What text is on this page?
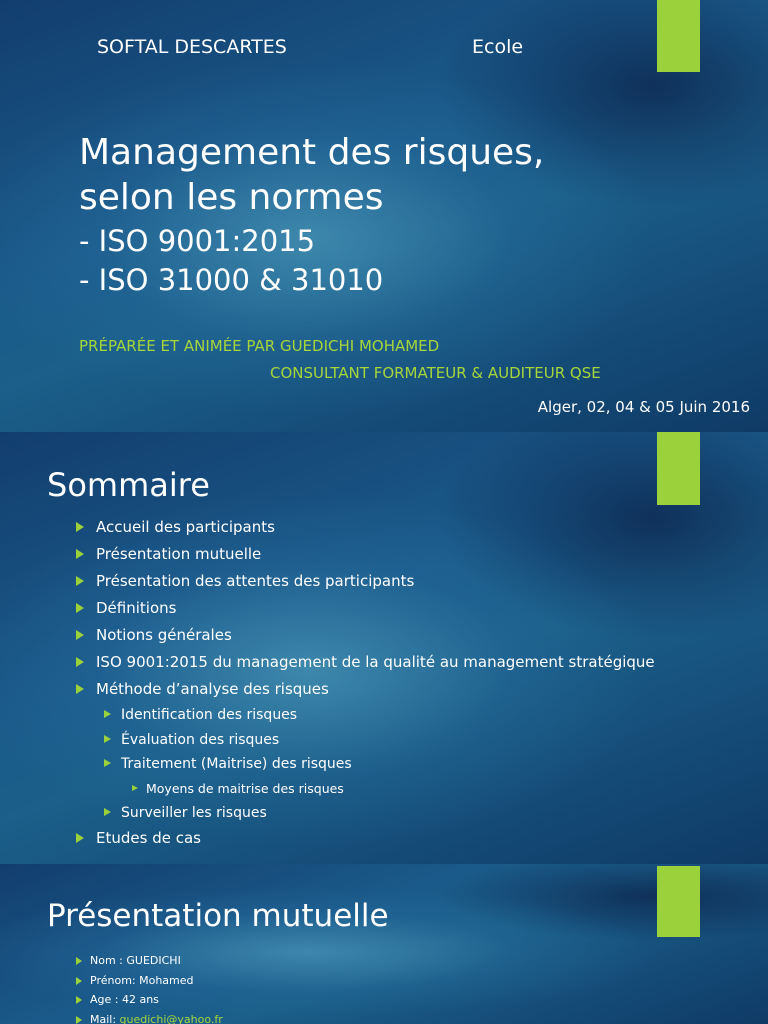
SOFTAL DESCARTES	Ecole
Management des risques, selon les normes
- ISO 9001:2015
- ISO 31000 & 31010
PRÉPARÉE ET ANIMÉE PAR GUEDICHI MOHAMED
CONSULTANT FORMATEUR & AUDITEUR QSE
Alger, 02, 04 & 05 Juin 2016
Sommaire
Accueil des participants
Présentation mutuelle
Présentation des attentes des participants
Définitions
Notions générales
ISO 9001:2015 du management de la qualité au management stratégique
Méthode d’analyse des risques
Identification des risques
Évaluation des risques
Traitement (Maitrise) des risques
Moyens de maitrise des risques
Surveiller les risques
Etudes de cas
Présentation mutuelle
Nom : GUEDICHI
Prénom: Mohamed
Age : 42 ans
Mail: guedichi@yahoo.fr
